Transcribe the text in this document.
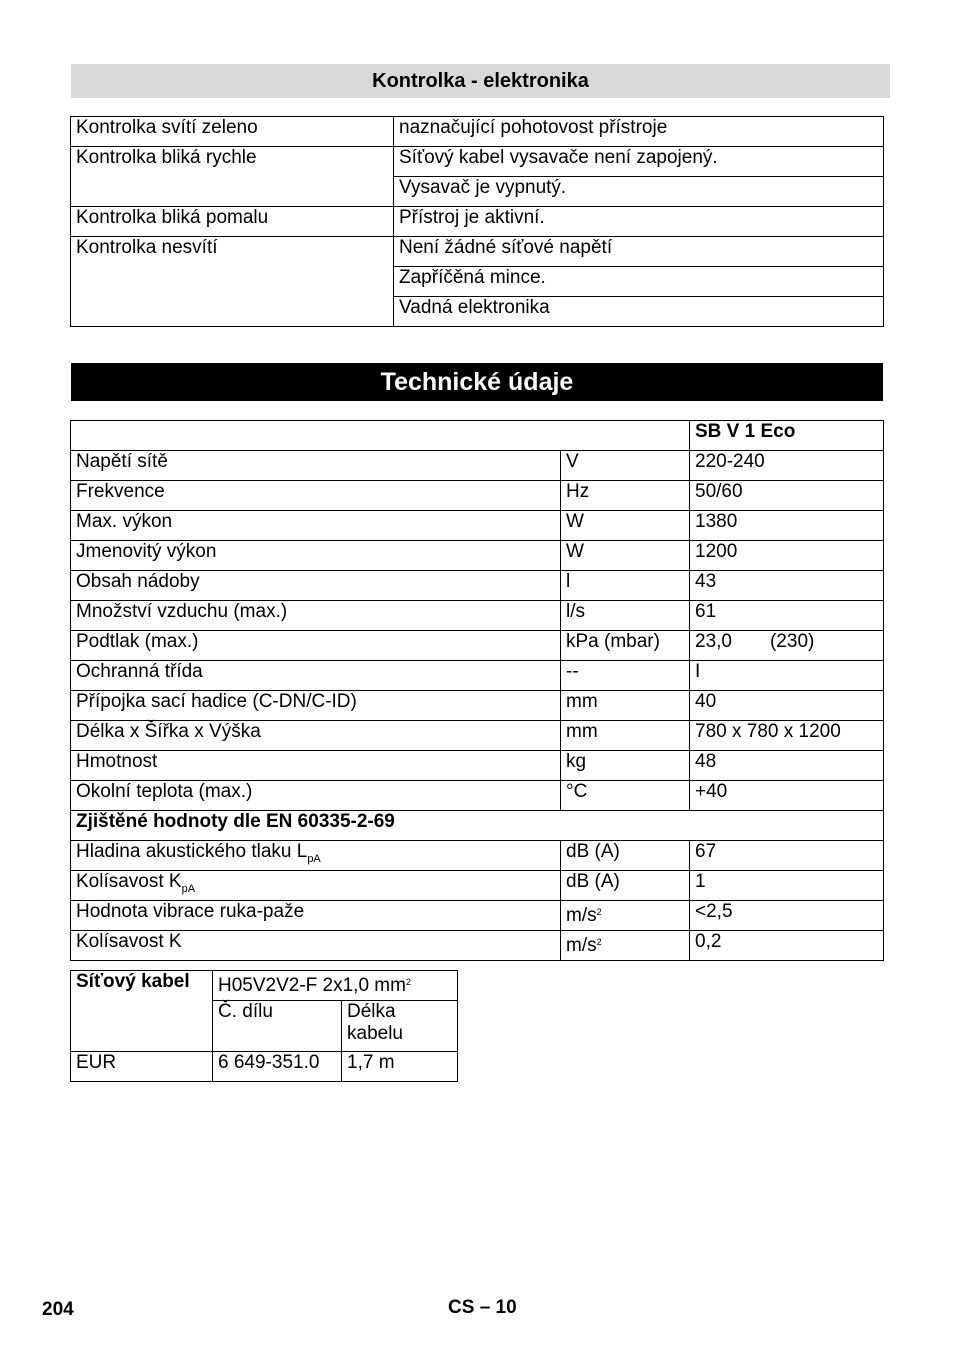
Kontrolka - elektronika
Kontrolka svítí zeleno	naznačující pohotovost přístroje
Kontrolka bliká rychle	Síťový kabel vysavače není zapojený.
	Vysavač je vypnutý.
Kontrolka bliká pomalu	Přístroj je aktivní.
Kontrolka nesvítí	Není žádné síťové napětí
	Zapříčěná mince.
	Vadná elektronika
Technické údaje
		SB V 1 Eco
Napětí sítě	V	220-240
Frekvence	Hz	50/60
Max. výkon	W	1380
Jmenovitý výkon	W	1200
Obsah nádoby	l	43
Množství vzduchu (max.)	l/s	61
Podtlak (max.)	kPa (mbar)	23,0 (230)
Ochranná třída	--	I
Přípojka sací hadice (C-DN/C-ID)	mm	40
Délka x Šířka x Výška	mm	780 x 780 x 1200
Hmotnost	kg	48
Okolní teplota (max.)	°C	+40
Zjištěné hodnoty dle EN 60335-2-69		
Hladina akustického tlaku $L_{pA}$	dB (A)	67
Kolísavost $K_{pA}$	dB (A)	1
Hodnota vibrace ruka-paže	$m/s^2$	<2,5
Kolísavost K	$m/s^2$	0,2
Síťový kabel	H05V2V2-F 2x1,0 $mm^2$
	Č. dílu	Délka
kabelu
EUR	6 649-351.0	1,7 m
204	CS – 10
